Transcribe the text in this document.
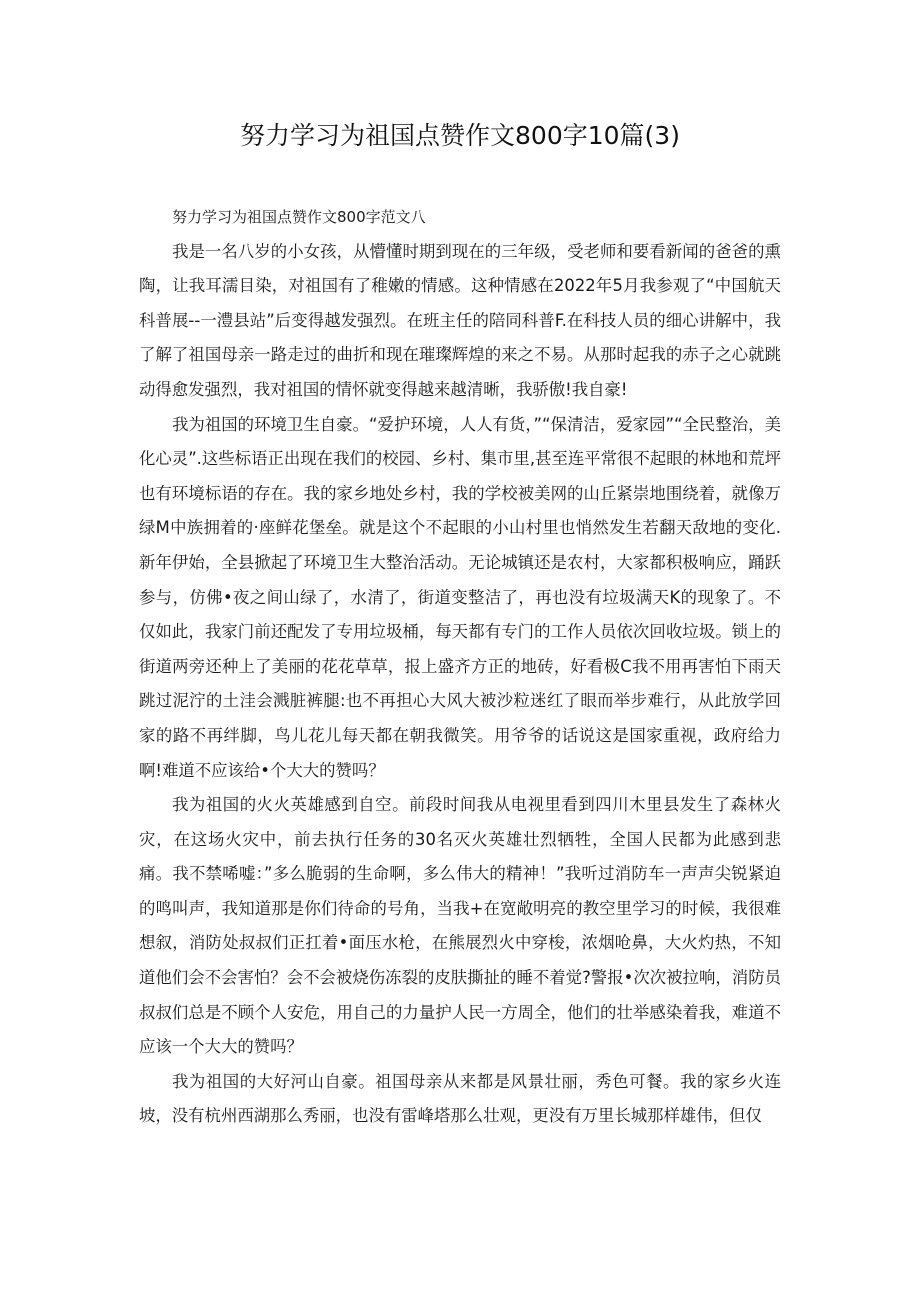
努力学习为祖国点赞作文800字10篇(3)

努力学习为祖国点赞作文800字范文八

我是一名八岁的小女孩，从懵懂时期到现在的三年级，受老师和要看新闻的爸爸的熏陶，让我耳濡目染，对祖国有了稚嫩的情感。这种情感在2022年5月我参观了“中国航天科普展--一澧县站”后变得越发强烈。在班主任的陪同科普F.在科技人员的细心讲解中，我了解了祖国母亲一路走过的曲折和现在璀璨辉煌的来之不易。从那时起我的赤子之心就跳动得愈发强烈，我对祖国的情怀就变得越来越清晰，我骄傲!我自豪!

我为祖国的环境卫生自豪。“爱护环境，人人有货，”“保清洁，爱家园”“全民整治，美化心灵”.这些标语正出现在我们的校园、乡村、集市里,甚至连平常很不起眼的林地和荒坪也有环境标语的存在。我的家乡地处乡村，我的学校被美网的山丘紧崇地围绕着，就像万绿M中族拥着的·座鲜花堡垒。就是这个不起眼的小山村里也悄然发生若翻天敌地的变化.新年伊始，全县掀起了环境卫生大整治活动。无论城镇还是农村，大家都积极响应，踊跃参与，仿佛•夜之间山绿了，水清了，街道变整洁了，再也没有垃圾满天K的现象了。不仅如此，我家门前还配发了专用垃圾桶，每天都有专门的工作人员依次回收垃圾。锁上的街道两旁还种上了美丽的花花草草，报上盛齐方正的地砖，好看极C我不用再害怕下雨天跳过泥泞的土洼会溅脏裤腿:也不再担心大风大被沙粒迷红了眼而举步难行，从此放学回家的路不再绊脚，鸟儿花儿每天都在朝我微笑。用爷爷的话说这是国家重视，政府给力啊!难道不应该给•个大大的赞吗？

我为祖国的火火英雄感到自空。前段时间我从电视里看到四川木里县发生了森林火灾，在这场火灾中，前去执行任务的30名灭火英雄壮烈牺牲，全国人民都为此感到悲痛。我不禁唏嘘：”多么脆弱的生命啊，多么伟大的精神！”我听过消防车一声声尖锐紧迫的鸣叫声，我知道那是你们待命的号角，当我+在宽敞明亮的教空里学习的时候，我很难想叙，消防处叔叔们正扛着•面压水枪，在熊展烈火中穿梭，浓烟呛鼻，大火灼热，不知道他们会不会害怕？会不会被烧伤冻裂的皮肤撕扯的睡不着觉?警报•次次被拉响，消防员叔叔们总是不顾个人安危，用自己的力量护人民一方周全，他们的壮举感染着我，难道不应该一个大大的赞吗？

我为祖国的大好河山自豪。祖国母亲从来都是风景壮丽，秀色可餐。我的家乡火连坡，没有杭州西湖那么秀丽，也没有雷峰塔那么壮观，更没有万里长城那样雄伟，但仅
